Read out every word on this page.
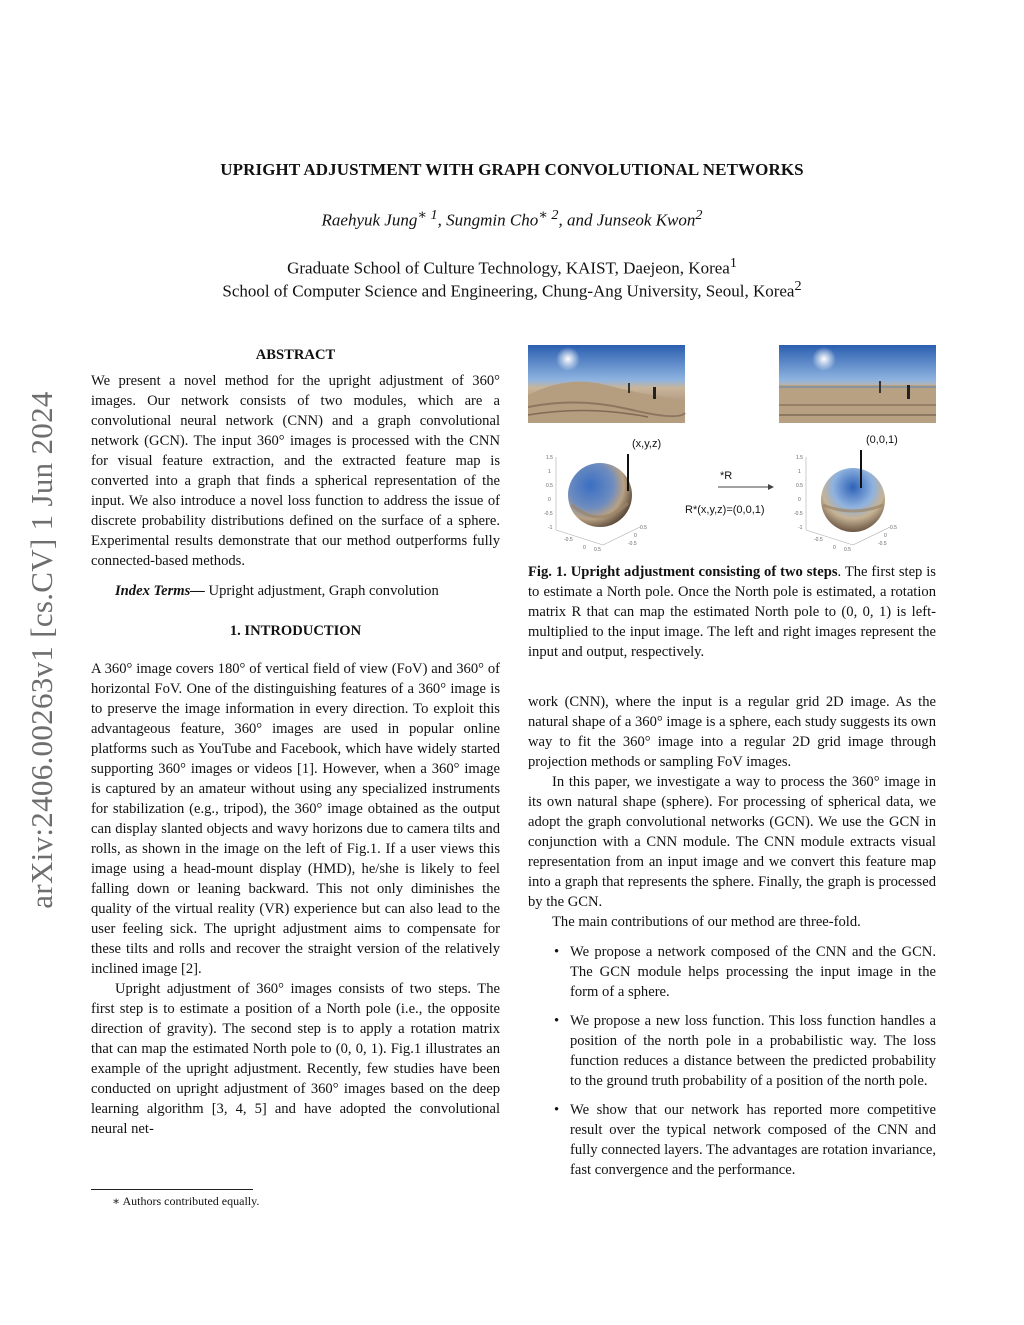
arXiv:2406.00263v1 [cs.CV] 1 Jun 2024
UPRIGHT ADJUSTMENT WITH GRAPH CONVOLUTIONAL NETWORKS
Raehyuk Jung$^{∗ 1}$, Sungmin Cho$^{∗ 2}$, and Junseok Kwon$^2$
Graduate School of Culture Technology, KAIST, Daejeon, Korea$^1$
School of Computer Science and Engineering, Chung-Ang University, Seoul, Korea$^2$
ABSTRACT

We present a novel method for the upright adjustment of 360° images. Our network consists of two modules, which are a convolutional neural network (CNN) and a graph convolutional network (GCN). The input 360° images is processed with the CNN for visual feature extraction, and the extracted feature map is converted into a graph that finds a spherical representation of the input. We also introduce a novel loss function to address the issue of discrete probability distributions defined on the surface of a sphere. Experimental results demonstrate that our method outperforms fully connected-based methods.

Index Terms— Upright adjustment, Graph convolution

1. INTRODUCTION

A 360° image covers 180° of vertical field of view (FoV) and 360° of horizontal FoV. One of the distinguishing features of a 360° image is to preserve the image information in every direction. To exploit this advantageous feature, 360° images are used in popular online platforms such as YouTube and Facebook, which have widely started supporting 360° images or videos [1]. However, when a 360° image is captured by an amateur without using any specialized instruments for stabilization (e.g., tripod), the 360° image obtained as the output can display slanted objects and wavy horizons due to camera tilts and rolls, as shown in the image on the left of Fig.1. If a user views this image using a head-mount display (HMD), he/she is likely to feel falling down or leaning backward. This not only diminishes the quality of the virtual reality (VR) experience but can also lead to the user feeling sick. The upright adjustment aims to compensate for these tilts and rolls and recover the straight version of the relatively inclined image [2].

Upright adjustment of 360° images consists of two steps. The first step is to estimate a position of a North pole (i.e., the opposite direction of gravity). The second step is to apply a rotation matrix that can map the estimated North pole to (0, 0, 1). Fig.1 illustrates an example of the upright adjustment. Recently, few studies have been conducted on upright adjustment of 360° images based on the deep learning algorithm [3, 4, 5] and have adopted the convolutional neural net-

∗ Authors contributed equally.
1.5
1
0.5
0
-0.5
-1
-0.5
0 0.5
-0.5
0
0.5
1.5
1
0.5
0
-0.5
-1
-0.5
0 0.5
-0.5
0
0.5
(x,y,z)	(0,0,1)
*R
R*(x,y,z)=(0,0,1)

Fig. 1. Upright adjustment consisting of two steps. The first step is to estimate a North pole. Once the North pole is estimated, a rotation matrix R that can map the estimated North pole to (0, 0, 1) is left-multiplied to the input image. The left and right images represent the input and output, respectively.

work (CNN), where the input is a regular grid 2D image. As the natural shape of a 360° image is a sphere, each study suggests its own way to fit the 360° image into a regular 2D grid image through projection methods or sampling FoV images.

In this paper, we investigate a way to process the 360° image in its own natural shape (sphere). For processing of spherical data, we adopt the graph convolutional networks (GCN). We use the GCN in conjunction with a CNN module. The CNN module extracts visual representation from an input image and we convert this feature map into a graph that represents the sphere. Finally, the graph is processed by the GCN.

The main contributions of our method are three-fold.

• We propose a network composed of the CNN and the GCN. The GCN module helps processing the input image in the form of a sphere.
• We propose a new loss function. This loss function handles a position of the north pole in a probabilistic way. The loss function reduces a distance between the predicted probability to the ground truth probability of a position of the north pole.
• We show that our network has reported more competitive result over the typical network composed of the CNN and fully connected layers. The advantages are rotation invariance, fast convergence and the performance.
